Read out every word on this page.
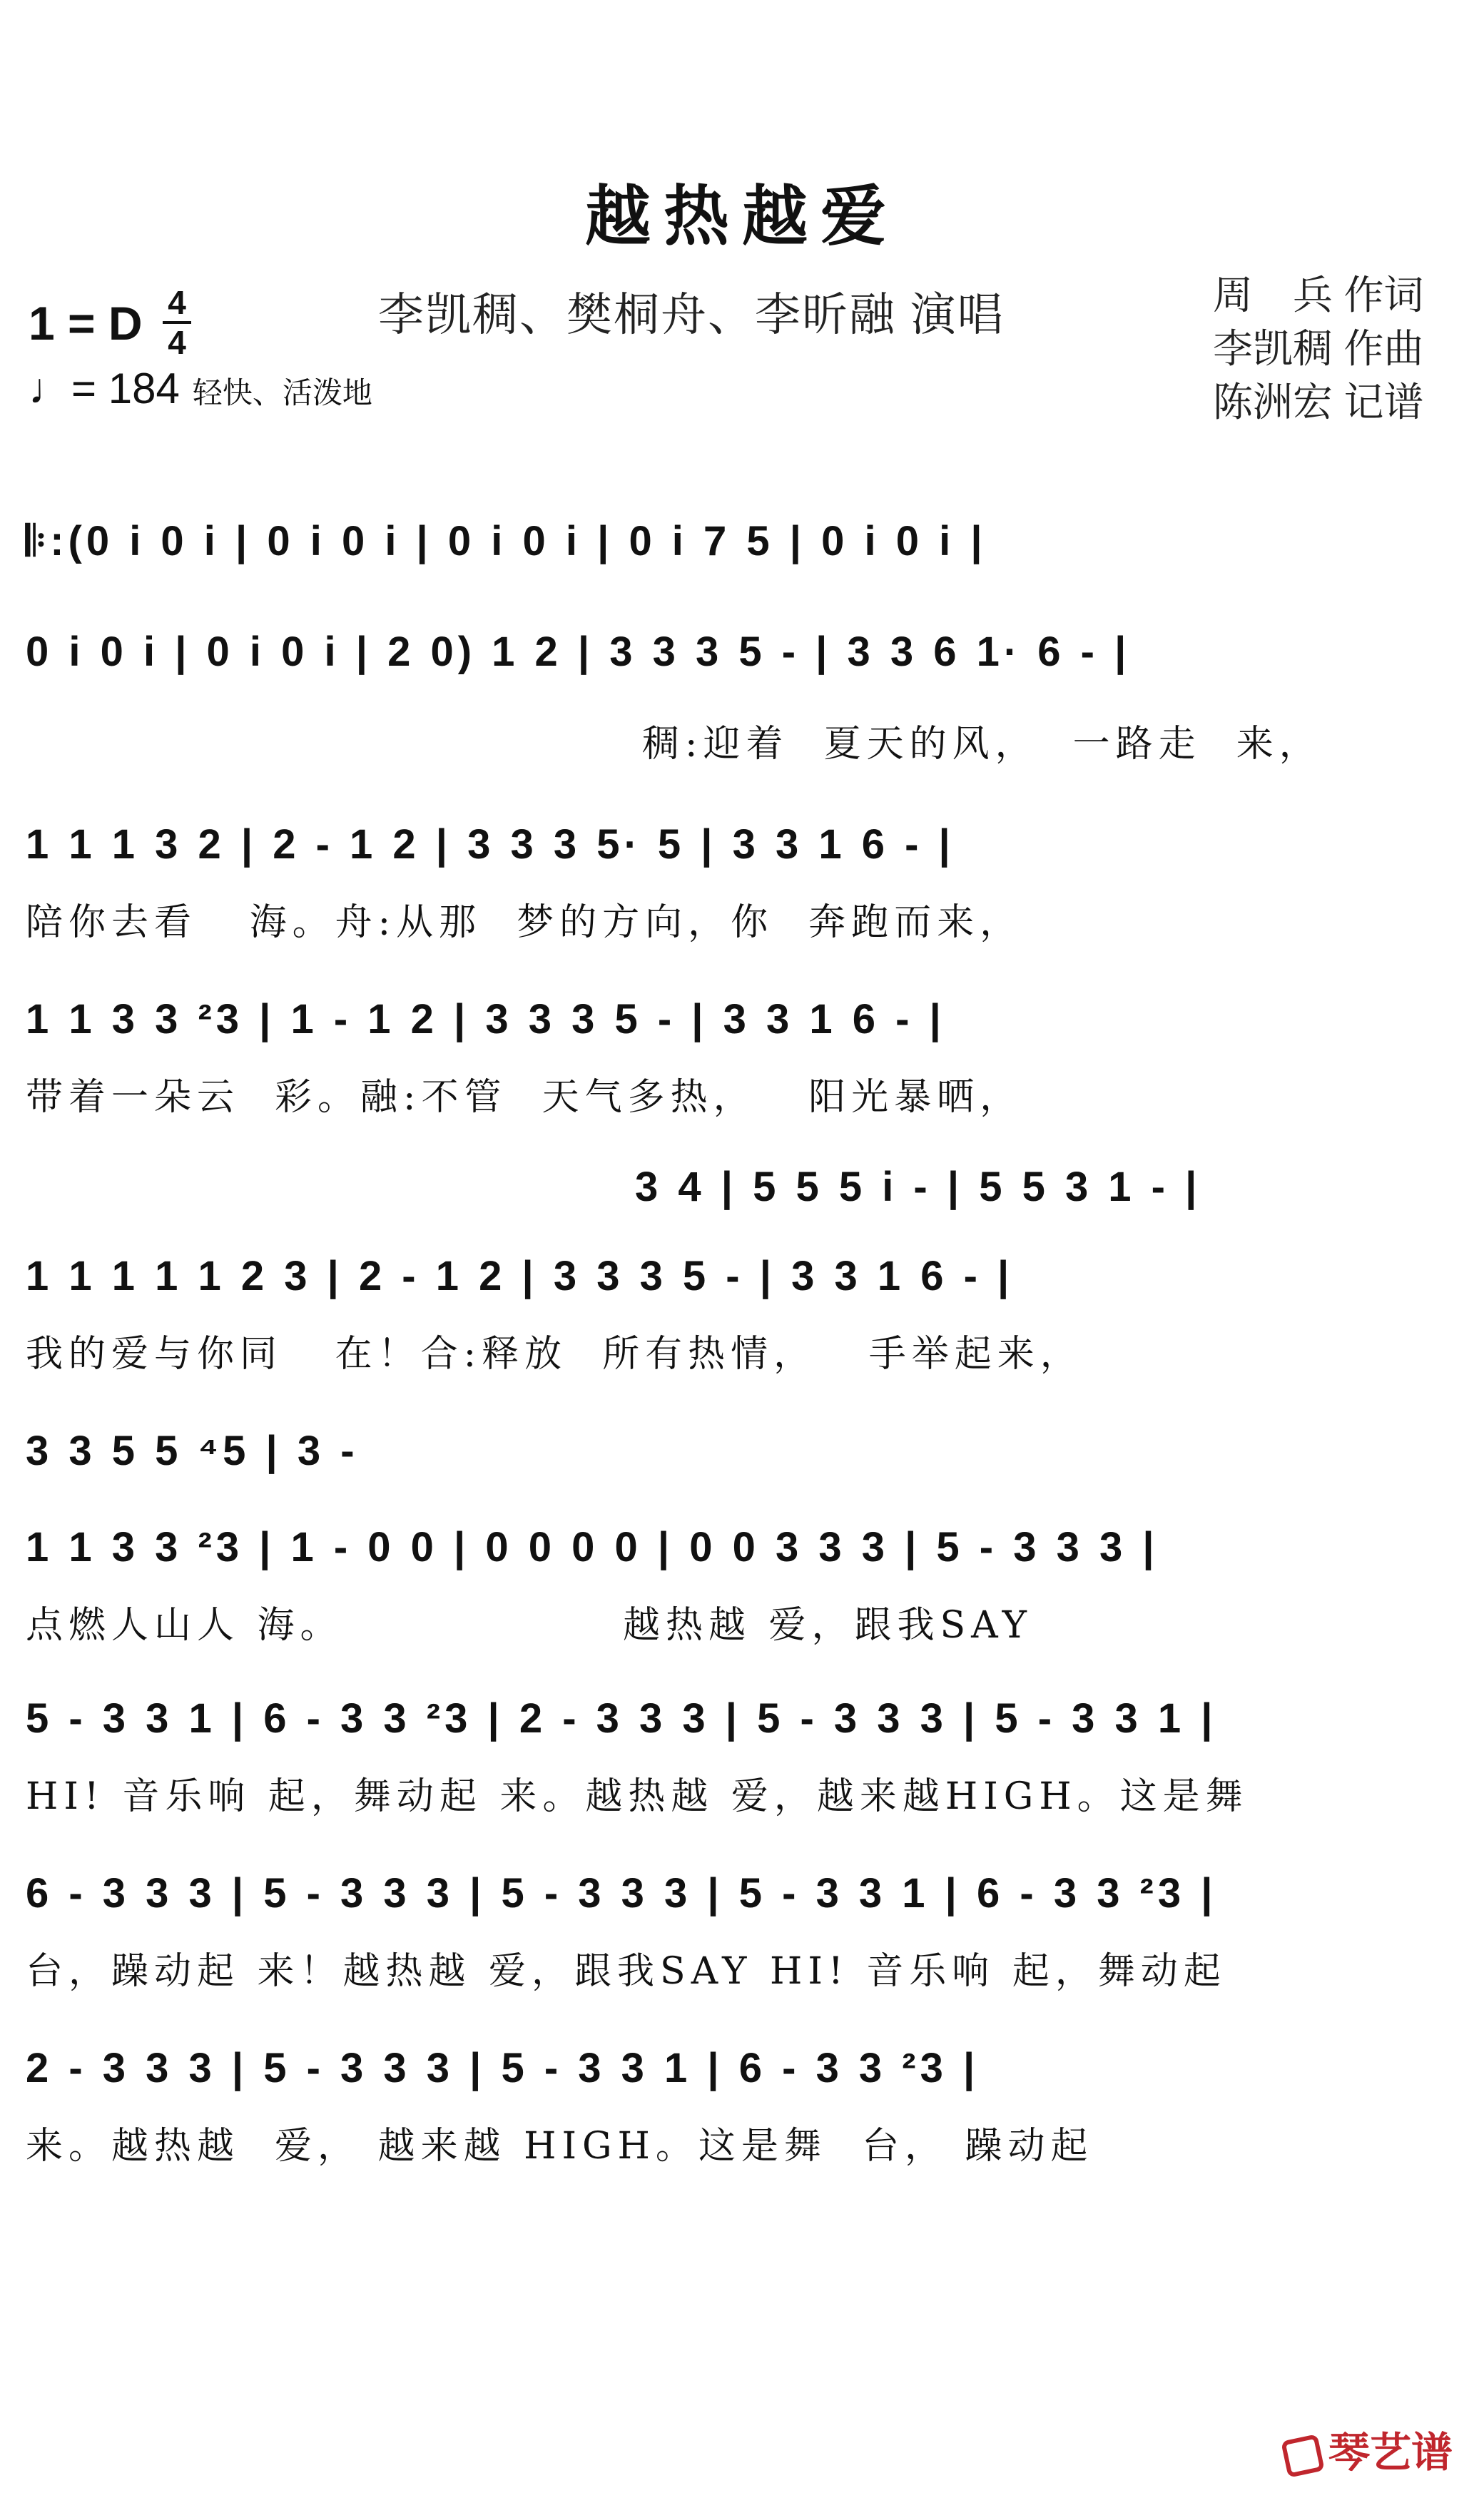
越热越爱
1 = D 4
4
♩= 184 轻快、活泼地
李凯稠、樊桐舟、李昕融 演唱	周　兵 作词
李凯稠 作曲
陈洲宏 记谱
𝄆:(0 i 0 i | 0 i 0 i | 0 i 0 i | 0 i 7 5 | 0 i 0 i |
0 i 0 i | 0 i 0 i | 2 0) 1 2 | 3 3 3 5 - | 3 3 6 1· 6 - |
稠:迎着  夏天的风，  一路走  来，
1 1 1 3 2 | 2 - 1 2 | 3 3 3 5· 5 | 3 3 1 6 - |
陪你去看   海。舟:从那  梦的方向，你  奔跑而来，
1 1 3 3 ²3 | 1 - 1 2 | 3 3 3 5 - | 3 3 1 6 - |
带着一朵云  彩。融:不管  天气多热，   阳光暴晒，
3 4 | 5 5 5 i - | 5 5 3 1 - |
1 1 1 1 1 2 3 | 2 - 1 2 | 3 3 3 5 - | 3 3 1 6 - |
我的爱与你同   在！合:释放  所有热情，   手举起来，
3 3 5 5 ⁴5 | 3 -
1 1 3 3 ²3 | 1 - 0 0 | 0 0 0 0 | 0 0 3 3 3 | 5 - 3 3 3 |
点燃人山人 海。                越热越 爱，跟我SAY
5 - 3 3 1 | 6 - 3 3 ²3 | 2 - 3 3 3 | 5 - 3 3 3 | 5 - 3 3 1 |
HI! 音乐响 起，舞动起 来。越热越 爱，越来越HIGH。这是舞
6 - 3 3 3 | 5 - 3 3 3 | 5 - 3 3 3 | 5 - 3 3 1 | 6 - 3 3 ²3 |
台，躁动起 来！越热越 爱，跟我SAY HI! 音乐响 起，舞动起
2 - 3 3 3 | 5 - 3 3 3 | 5 - 3 3 1 | 6 - 3 3 ²3 |
来。越热越  爱， 越来越 HIGH。这是舞  台， 躁动起
琴艺谱
